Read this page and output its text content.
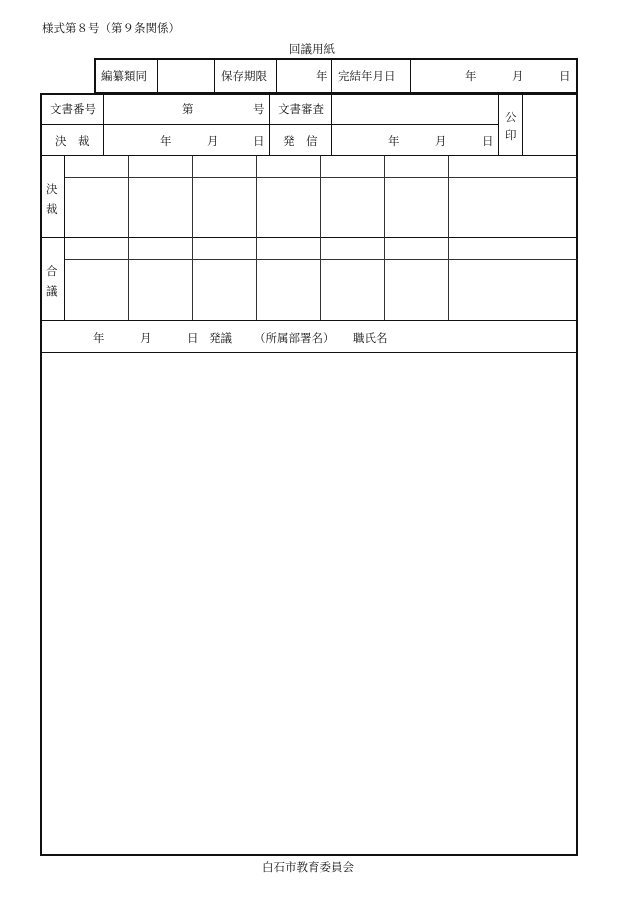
様式第８号（第９条関係）
回議用紙
編纂類同	保存期限	年 完結年月日	年	月	日
文書番号	第	号 文書審査
公
印
決　裁	年	月	日 発　信	年	月	日
決
裁
合
議
年	月	日 発議 （所属部署名） 職氏名
白石市教育委員会
